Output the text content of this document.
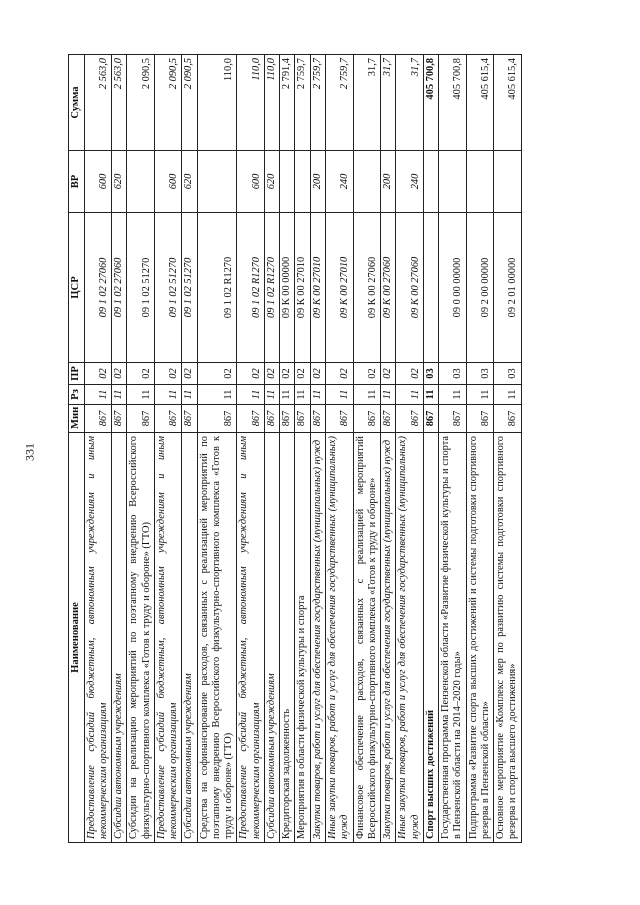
331
Наименование	Мин	Рз	ПР	ЦСР	ВР	Сумма
Предоставление субсидий бюджетным, автономным учреждениям и иным некоммерческим организациям	867	11	02	09 1 02 27060	600	2 563,0
Субсидии автономным учреждениям	867	11	02	09 1 02 27060	620	2 563,0
Субсидии на реализацию мероприятий по поэтапному внедрению Всероссийского физкультурно-спортивного комплекса «Готов к труду и обороне» (ГТО)	867	11	02	09 1 02 51270		2 090,5
Предоставление субсидий бюджетным, автономным учреждениям и иным некоммерческим организациям	867	11	02	09 1 02 51270	600	2 090,5
Субсидии автономным учреждениям	867	11	02	09 1 02 51270	620	2 090,5
Средства на софинансирование расходов, связанных с реализацией мероприятий по поэтапному внедрению Всероссийского физкультурно-спортивного комплекса «Готов к труду и обороне» (ГТО)	867	11	02	09 1 02 R1270		110,0
Предоставление субсидий бюджетным, автономным учреждениям и иным некоммерческим организациям	867	11	02	09 1 02 R1270	600	110,0
Субсидии автономным учреждениям	867	11	02	09 1 02 R1270	620	110,0
Кредиторская задолженность	867	11	02	09 К 00 00000		2 791,4
Мероприятия в области физической культуры и спорта	867	11	02	09 К 00 27010		2 759,7
Закупка товаров, работ и услуг для обеспечения государственных (муниципальных) нужд	867	11	02	09 К 00 27010	200	2 759,7
Иные закупки товаров, работ и услуг для обеспечения государственных (муниципальных) нужд	867	11	02	09 К 00 27010	240	2 759,7
Финансовое обеспечение расходов, связанных с реализацией мероприятий Всероссийского физкультурно-спортивного комплекса «Готов к труду и обороне»	867	11	02	09 К 00 27060		31,7
Закупка товаров, работ и услуг для обеспечения государственных (муниципальных) нужд	867	11	02	09 К 00 27060	200	31,7
Иные закупки товаров, работ и услуг для обеспечения государственных (муниципальных) нужд	867	11	02	09 К 00 27060	240	31,7
Спорт высших достижений	867	11	03			405 700,8
Государственная программа Пензенской области «Развитие физической культуры и спорта в Пензенской области на 2014–2020 годы»	867	11	03	09 0 00 00000		405 700,8
Подпрограмма «Развитие спорта высших достижений и системы подготовки спортивного резерва в Пензенской области»	867	11	03	09 2 00 00000		405 615,4
Основное мероприятие «Комплекс мер по развитию системы подготовки спортивного резерва и спорта высшего достижения»	867	11	03	09 2 01 00000		405 615,4
